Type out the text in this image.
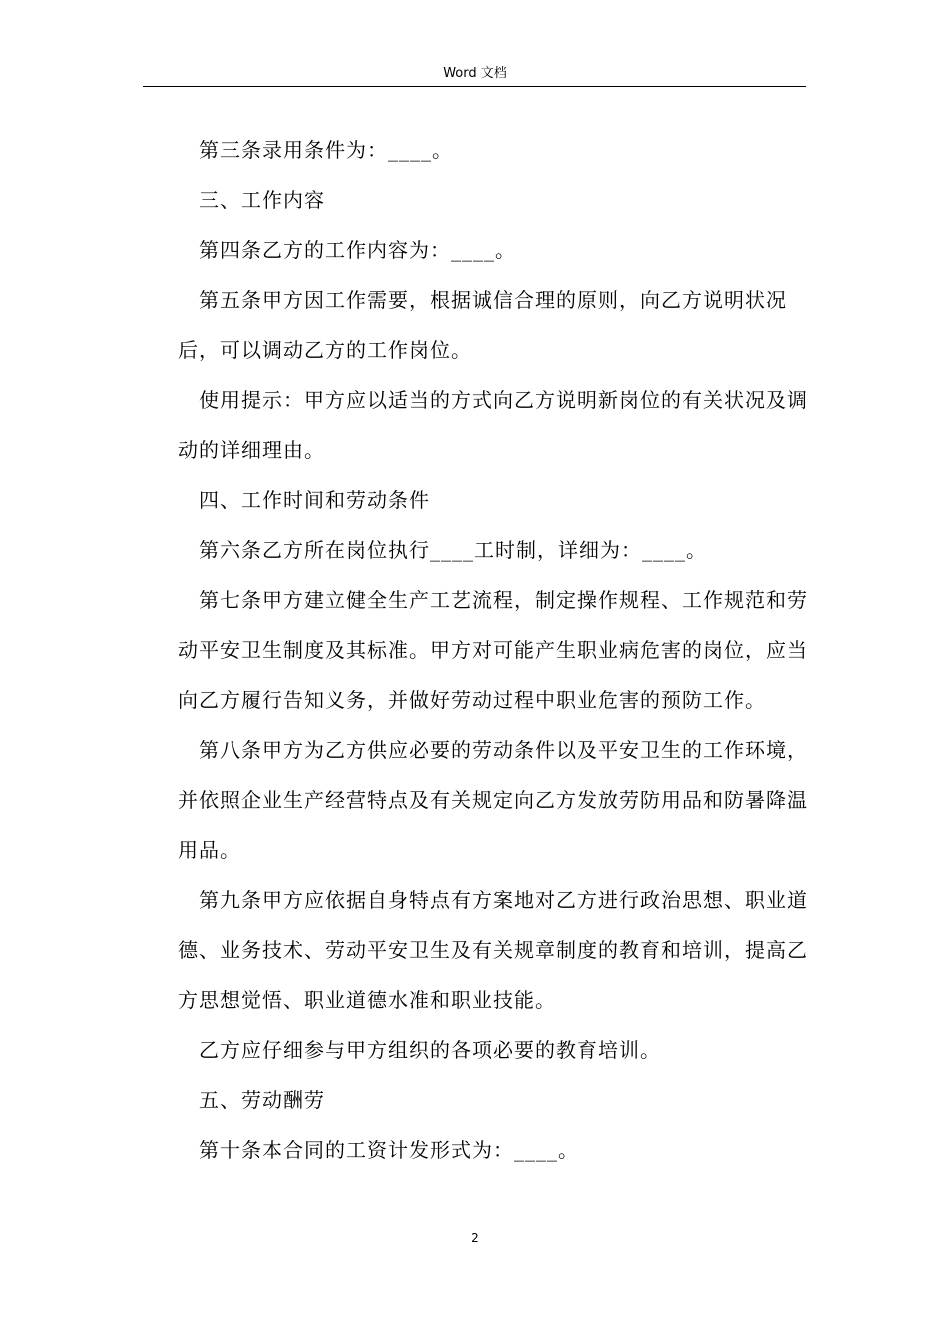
Word 文档

第三条录用条件为：____。

三、工作内容

第四条乙方的工作内容为：____。

第五条甲方因工作需要，根据诚信合理的原则，向乙方说明状况后，可以调动乙方的工作岗位。

使用提示：甲方应以适当的方式向乙方说明新岗位的有关状况及调动的详细理由。

四、工作时间和劳动条件

第六条乙方所在岗位执行____工时制，详细为：____。

第七条甲方建立健全生产工艺流程，制定操作规程、工作规范和劳动平安卫生制度及其标准。甲方对可能产生职业病危害的岗位，应当向乙方履行告知义务，并做好劳动过程中职业危害的预防工作。

第八条甲方为乙方供应必要的劳动条件以及平安卫生的工作环境，并依照企业生产经营特点及有关规定向乙方发放劳防用品和防暑降温用品。

第九条甲方应依据自身特点有方案地对乙方进行政治思想、职业道德、业务技术、劳动平安卫生及有关规章制度的教育和培训，提高乙方思想觉悟、职业道德水准和职业技能。

乙方应仔细参与甲方组织的各项必要的教育培训。

五、劳动酬劳

第十条本合同的工资计发形式为：____。

2
